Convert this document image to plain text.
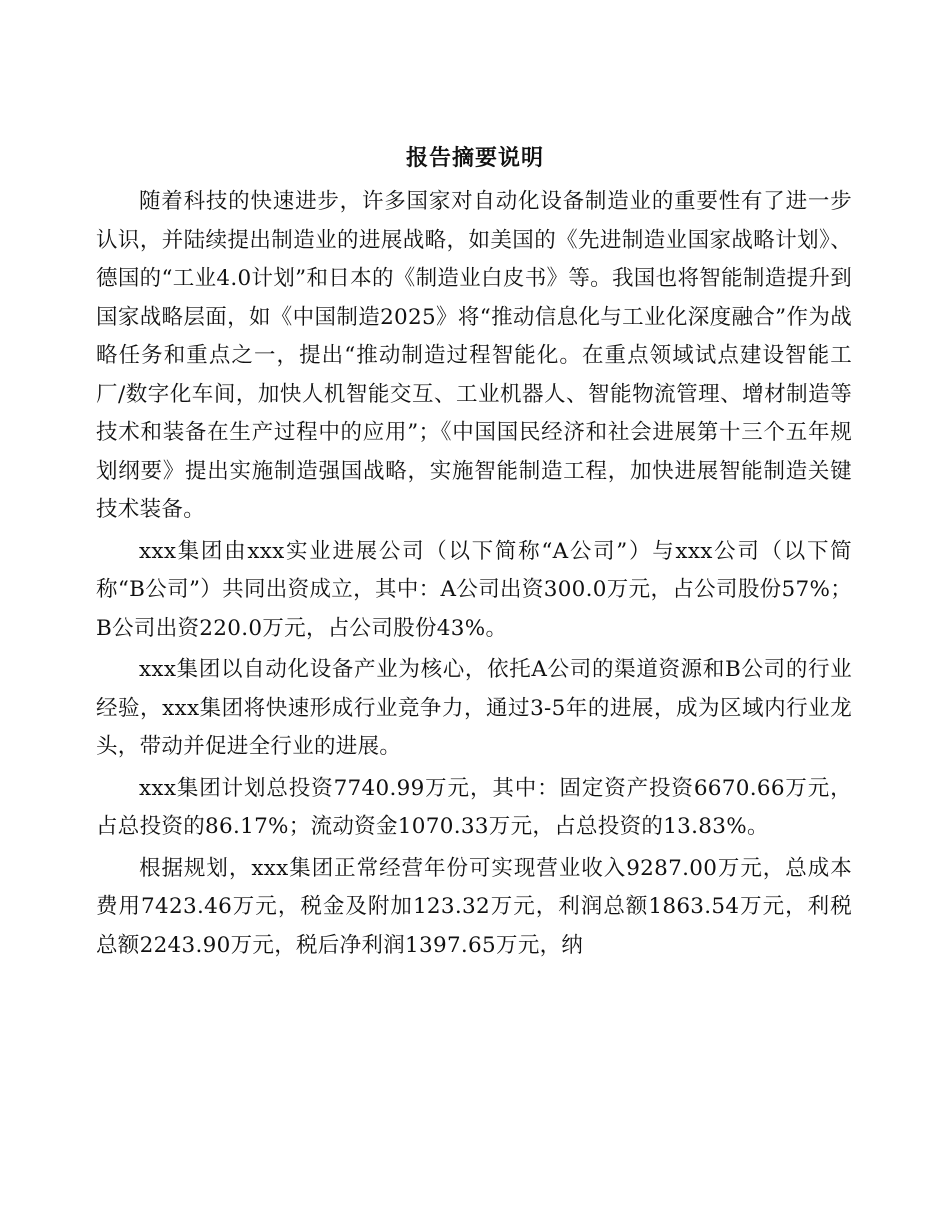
报告摘要说明

随着科技的快速进步，许多国家对自动化设备制造业的重要性有了进一步认识，并陆续提出制造业的进展战略，如美国的《先进制造业国家战略计划》、德国的“工业4.0计划”和日本的《制造业白皮书》等。我国也将智能制造提升到国家战略层面，如《中国制造2025》将“推动信息化与工业化深度融合”作为战略任务和重点之一，提出“推动制造过程智能化。在重点领域试点建设智能工厂/数字化车间，加快人机智能交互、工业机器人、智能物流管理、增材制造等技术和装备在生产过程中的应用”；《中国国民经济和社会进展第十三个五年规划纲要》提出实施制造强国战略，实施智能制造工程，加快进展智能制造关键技术装备。

xxx集团由xxx实业进展公司（以下简称“A公司”）与xxx公司（以下简称“B公司”）共同出资成立，其中：A公司出资300.0万元，占公司股份57%；B公司出资220.0万元，占公司股份43%。

xxx集团以自动化设备产业为核心，依托A公司的渠道资源和B公司的行业经验，xxx集团将快速形成行业竞争力，通过3-5年的进展，成为区域内行业龙头，带动并促进全行业的进展。

xxx集团计划总投资7740.99万元，其中：固定资产投资6670.66万元，占总投资的86.17%；流动资金1070.33万元，占总投资的13.83%。

根据规划，xxx集团正常经营年份可实现营业收入9287.00万元，总成本费用7423.46万元，税金及附加123.32万元，利润总额1863.54万元，利税总额2243.90万元，税后净利润1397.65万元，纳
